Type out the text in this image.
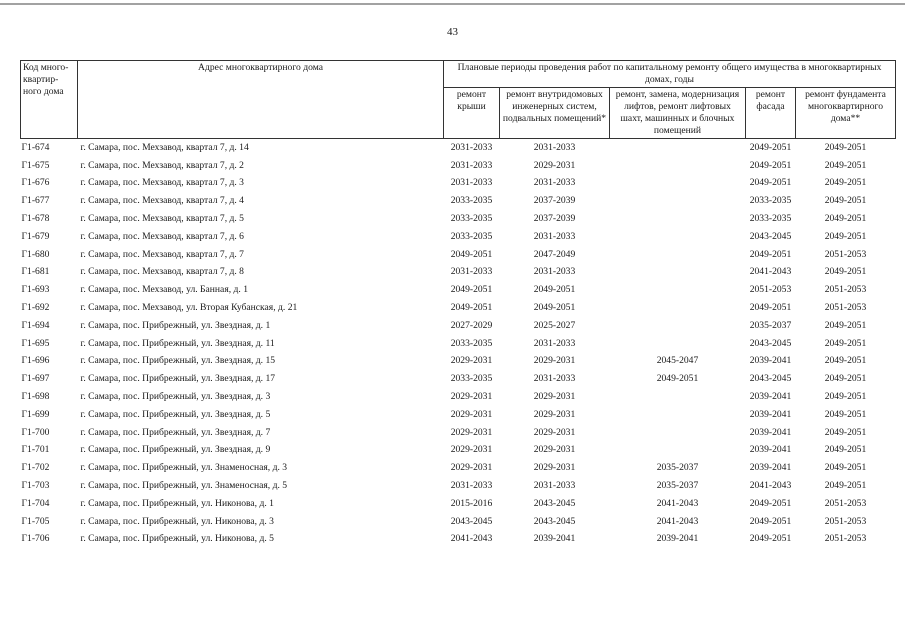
43
Код много-квартир-ного дома	Адрес многоквартирного дома	Плановые периоды проведения работ по капитальному ремонту общего имущества в многоквартирных домах, годы				
		ремонт крыши	ремонт внутридомовых инженерных систем, подвальных помещений*	ремонт, замена, модернизация лифтов, ремонт лифтовых шахт, машинных и блочных помещений	ремонт фасада	ремонт фундамента многоквартирного дома**
Г1-674	г. Самара, пос. Мехзавод, квартал 7, д. 14	2031-2033	2031-2033		2049-2051	2049-2051
Г1-675	г. Самара, пос. Мехзавод, квартал 7, д. 2	2031-2033	2029-2031		2049-2051	2049-2051
Г1-676	г. Самара, пос. Мехзавод, квартал 7, д. 3	2031-2033	2031-2033		2049-2051	2049-2051
Г1-677	г. Самара, пос. Мехзавод, квартал 7, д. 4	2033-2035	2037-2039		2033-2035	2049-2051
Г1-678	г. Самара, пос. Мехзавод, квартал 7, д. 5	2033-2035	2037-2039		2033-2035	2049-2051
Г1-679	г. Самара, пос. Мехзавод, квартал 7, д. 6	2033-2035	2031-2033		2043-2045	2049-2051
Г1-680	г. Самара, пос. Мехзавод, квартал 7, д. 7	2049-2051	2047-2049		2049-2051	2051-2053
Г1-681	г. Самара, пос. Мехзавод, квартал 7, д. 8	2031-2033	2031-2033		2041-2043	2049-2051
Г1-693	г. Самара, пос. Мехзавод, ул. Банная, д. 1	2049-2051	2049-2051		2051-2053	2051-2053
Г1-692	г. Самара, пос. Мехзавод, ул. Вторая Кубанская, д. 21	2049-2051	2049-2051		2049-2051	2051-2053
Г1-694	г. Самара, пос. Прибрежный, ул. Звездная, д. 1	2027-2029	2025-2027		2035-2037	2049-2051
Г1-695	г. Самара, пос. Прибрежный, ул. Звездная, д. 11	2033-2035	2031-2033		2043-2045	2049-2051
Г1-696	г. Самара, пос. Прибрежный, ул. Звездная, д. 15	2029-2031	2029-2031	2045-2047	2039-2041	2049-2051
Г1-697	г. Самара, пос. Прибрежный, ул. Звездная, д. 17	2033-2035	2031-2033	2049-2051	2043-2045	2049-2051
Г1-698	г. Самара, пос. Прибрежный, ул. Звездная, д. 3	2029-2031	2029-2031		2039-2041	2049-2051
Г1-699	г. Самара, пос. Прибрежный, ул. Звездная, д. 5	2029-2031	2029-2031		2039-2041	2049-2051
Г1-700	г. Самара, пос. Прибрежный, ул. Звездная, д. 7	2029-2031	2029-2031		2039-2041	2049-2051
Г1-701	г. Самара, пос. Прибрежный, ул. Звездная, д. 9	2029-2031	2029-2031		2039-2041	2049-2051
Г1-702	г. Самара, пос. Прибрежный, ул. Знаменосная, д. 3	2029-2031	2029-2031	2035-2037	2039-2041	2049-2051
Г1-703	г. Самара, пос. Прибрежный, ул. Знаменосная, д. 5	2031-2033	2031-2033	2035-2037	2041-2043	2049-2051
Г1-704	г. Самара, пос. Прибрежный, ул. Никонова, д. 1	2015-2016	2043-2045	2041-2043	2049-2051	2051-2053
Г1-705	г. Самара, пос. Прибрежный, ул. Никонова, д. 3	2043-2045	2043-2045	2041-2043	2049-2051	2051-2053
Г1-706	г. Самара, пос. Прибрежный, ул. Никонова, д. 5	2041-2043	2039-2041	2039-2041	2049-2051	2051-2053
